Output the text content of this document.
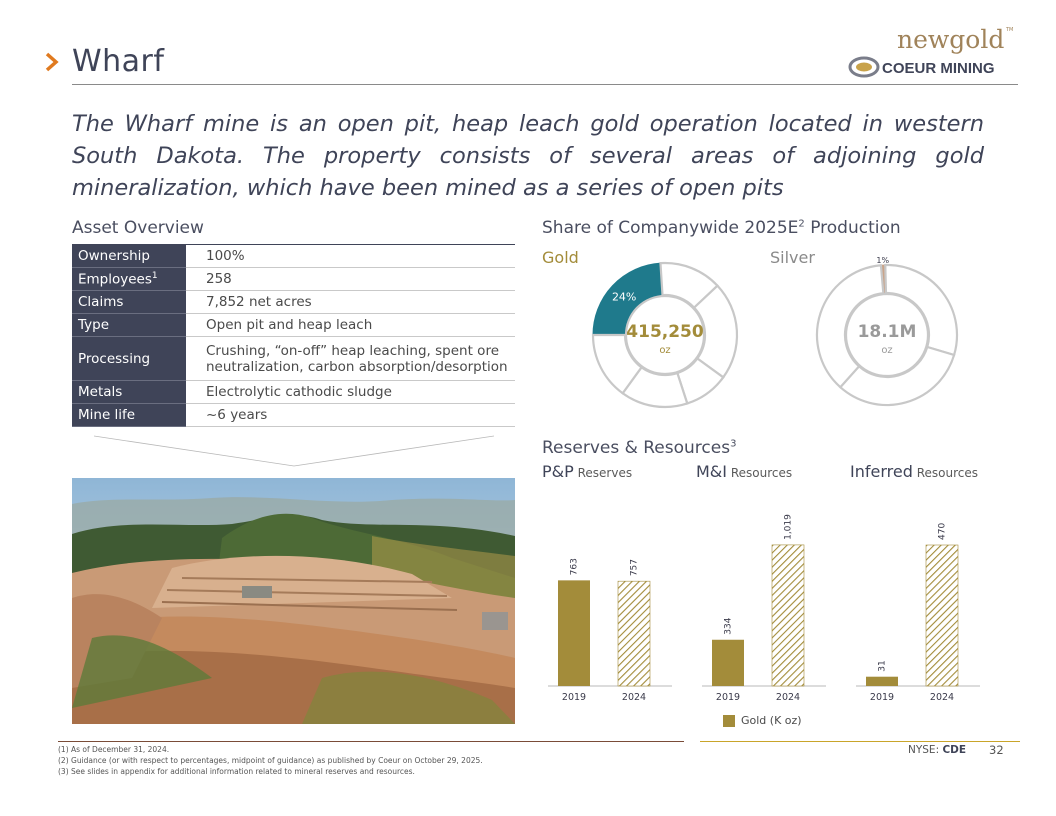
Wharf
newgold TM
COEUR MINING
The Wharf mine is an open pit, heap leach gold operation located in western South Dakota. The property consists of several areas of adjoining gold mineralization, which have been mined as a series of open pits
Asset Overview
Ownership	100%
Employees$^1$	258
Claims	7,852 net acres
Type	Open pit and heap leach
Processing	Crushing, “on-off” heap leaching, spent ore neutralization, carbon absorption/desorption
Metals	Electrolytic cathodic sludge
Mine life	~6 years
Share of Companywide $2025E^2$ Production
Gold	Silver
24%
415,250
oz
1%
18.1M
oz
Reserves & Resources$^3$
P&P Reserves	M&I Resources	Inferred Resources
763
2019
757
2024
334
2019
1,019
2024
31
2019
470
2024
Gold (K oz)
(1) As of December 31, 2024.
(2) Guidance (or with respect to percentages, midpoint of guidance) as published by Coeur on October 29, 2025.
(3) See slides in appendix for additional information related to mineral reserves and resources.
NYSE: CDE 32
